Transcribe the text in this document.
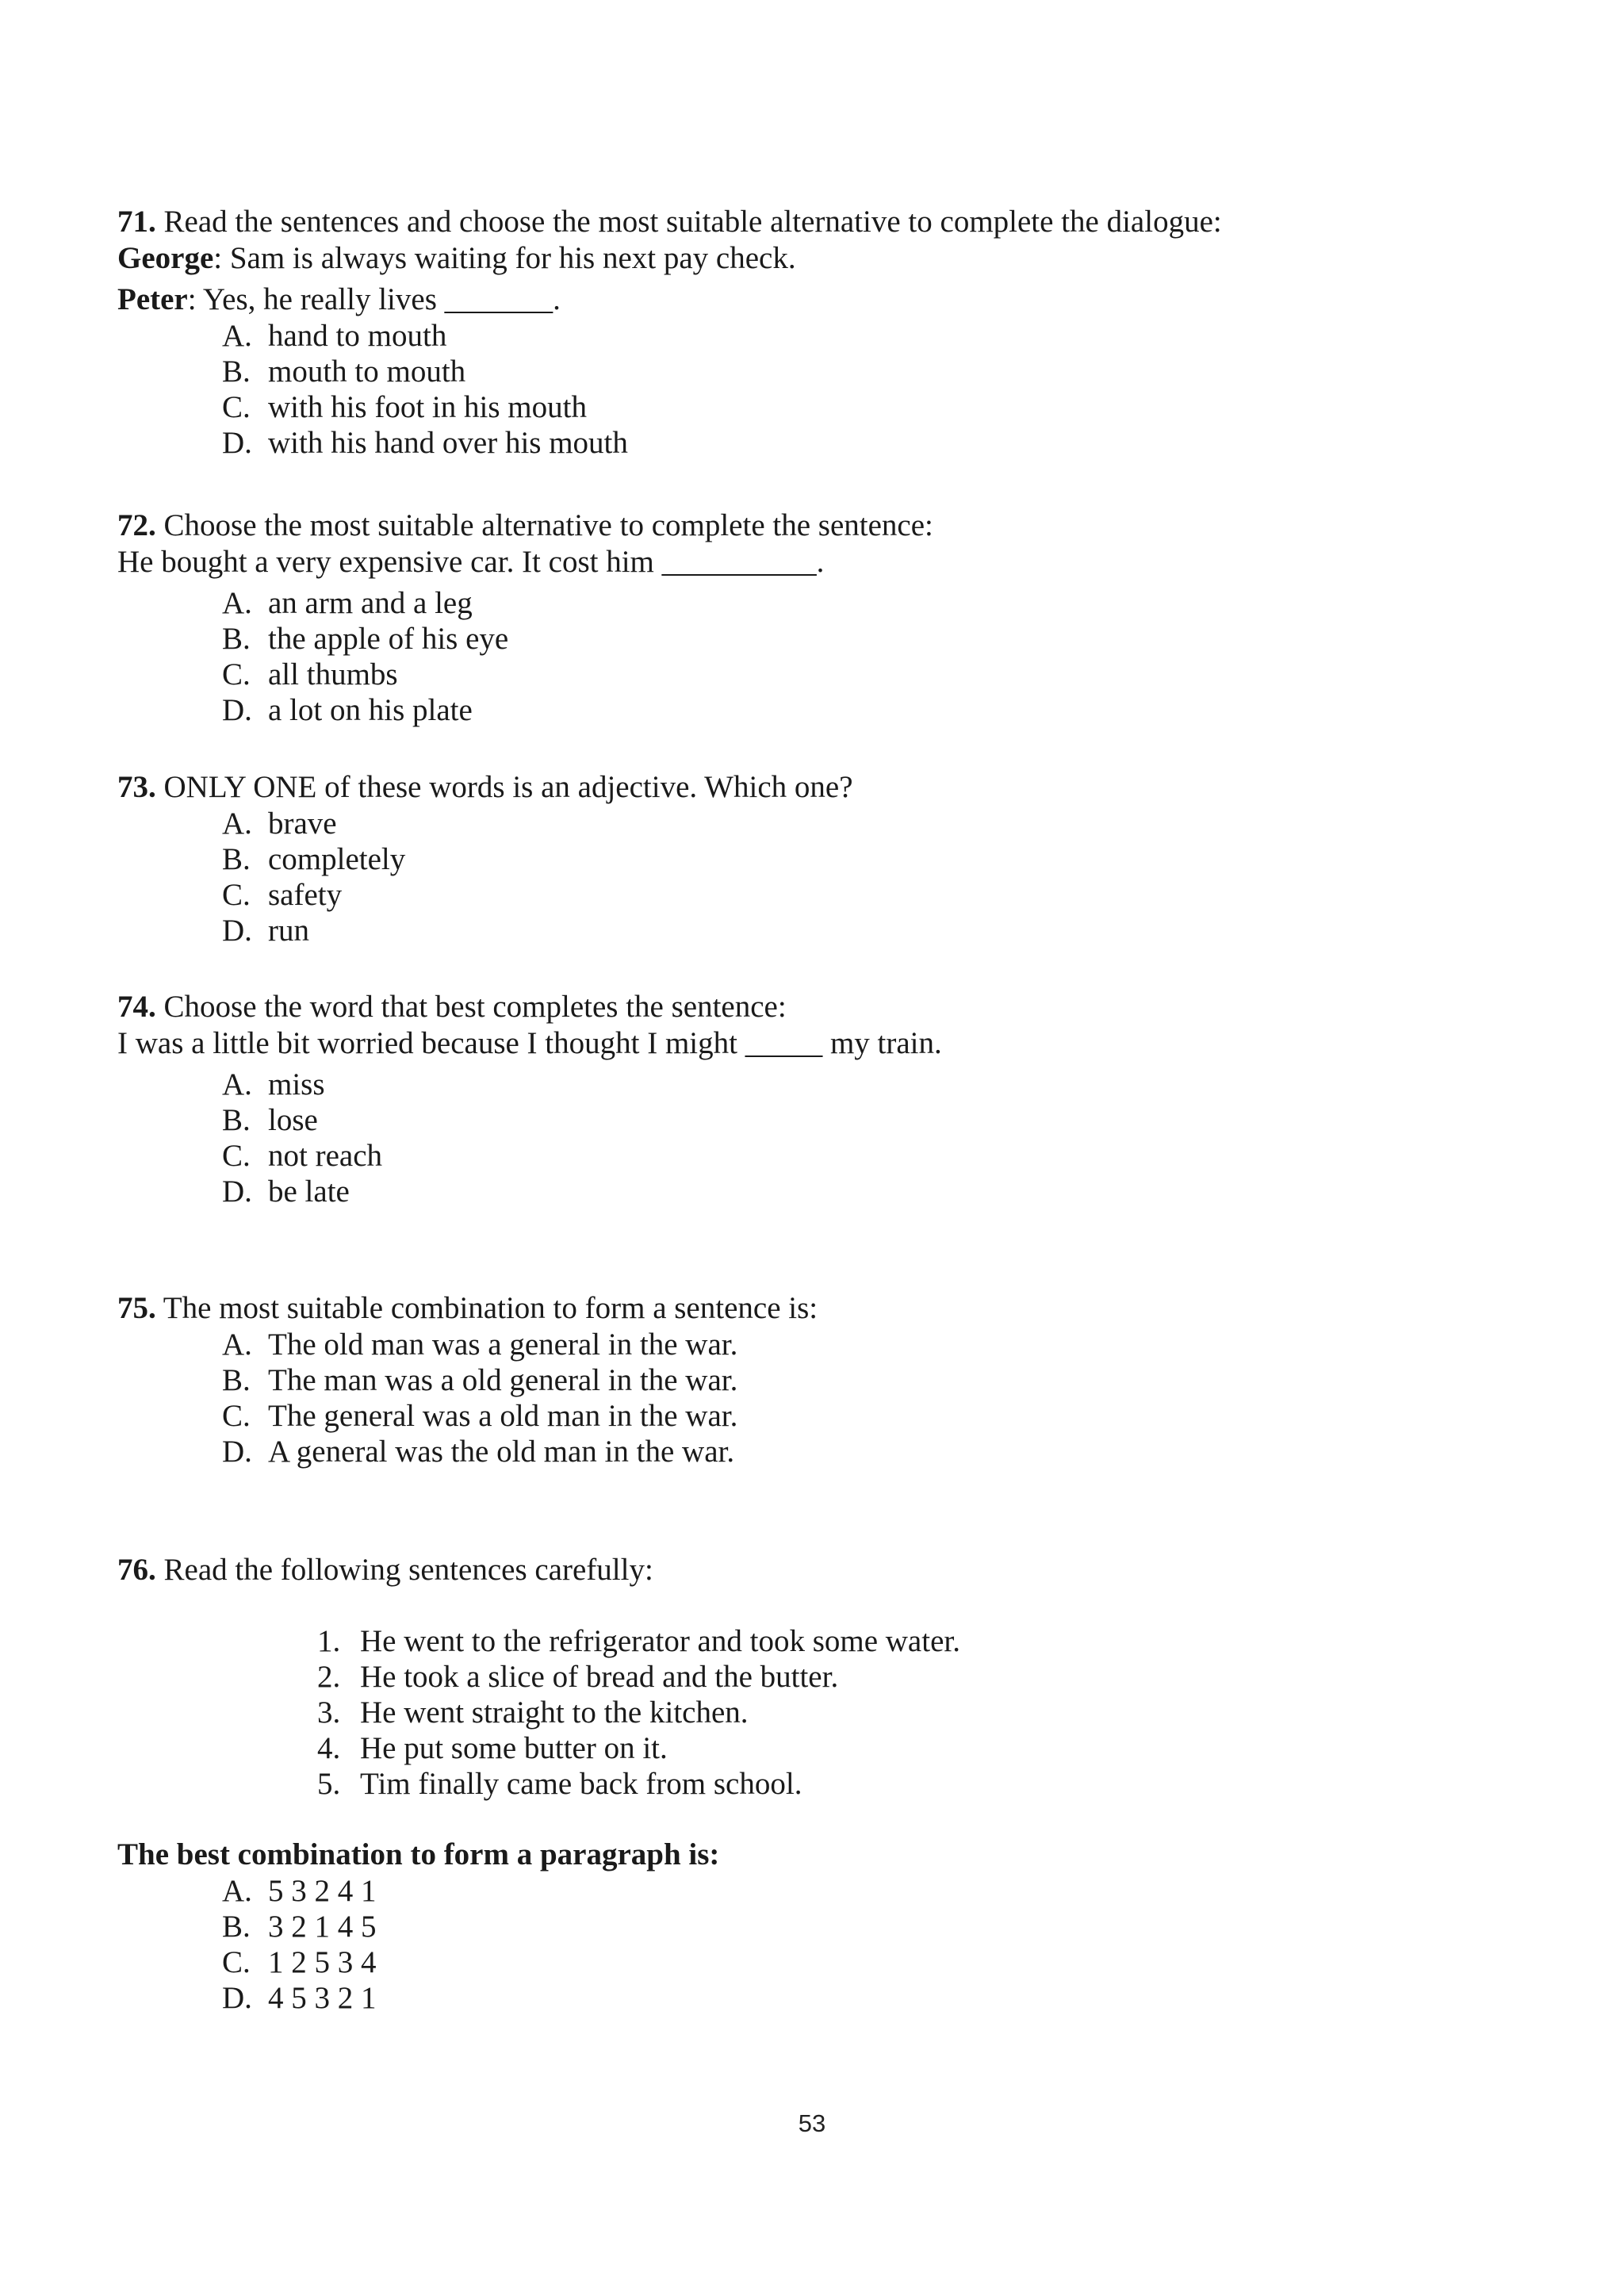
71. Read the sentences and choose the most suitable alternative to complete the dialogue:
George: Sam is always waiting for his next pay check.
Peter: Yes, he really lives _______.
A. hand to mouth
B. mouth to mouth
C. with his foot in his mouth
D. with his hand over his mouth
72. Choose the most suitable alternative to complete the sentence:
He bought a very expensive car. It cost him __________.
A. an arm and a leg
B. the apple of his eye
C. all thumbs
D. a lot on his plate
73. ONLY ONE of these words is an adjective. Which one?
A. brave
B. completely
C. safety
D. run
74. Choose the word that best completes the sentence:
I was a little bit worried because I thought I might _____ my train.
A. miss
B. lose
C. not reach
D. be late
75. The most suitable combination to form a sentence is:
A. The old man was a general in the war.
B. The man was a old general in the war.
C. The general was a old man in the war.
D. A general was the old man in the war.
76. Read the following sentences carefully:
1. He went to the refrigerator and took some water.
2. He took a slice of bread and the butter.
3. He went straight to the kitchen.
4. He put some butter on it.
5. Tim finally came back from school.
The best combination to form a paragraph is:
A. 5 3 2 4 1
B. 3 2 1 4 5
C. 1 2 5 3 4
D. 4 5 3 2 1
53
